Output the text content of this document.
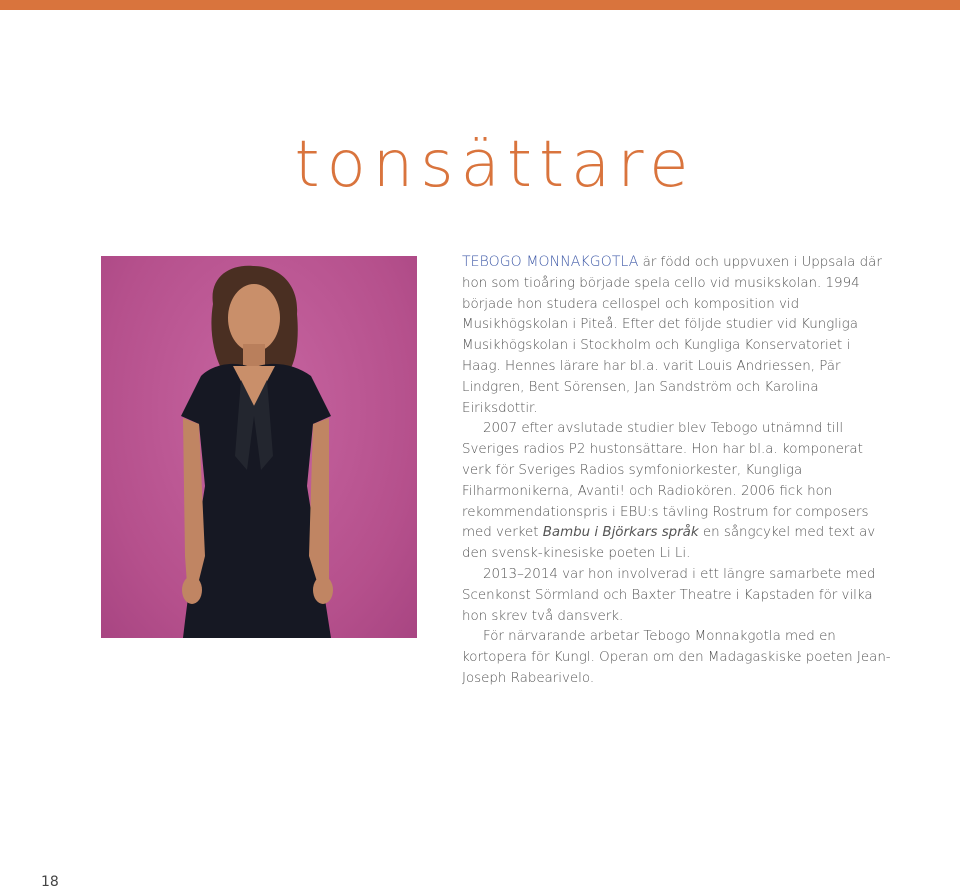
tonsättare

TEBOGO MONNAKGOTLA är född och uppvuxen i Uppsala där hon som tioåring började spela cello vid musikskolan. 1994 började hon studera cellospel och komposition vid Musikhögskolan i Piteå. Efter det följde studier vid Kungliga Musikhögskolan i Stockholm och Kungliga Konservatoriet i Haag. Hennes lärare har bl.a. varit Louis Andriessen, Pär Lindgren, Bent Sörensen, Jan Sandström och Karolina Eiriksdottir.

2007 efter avslutade studier blev Tebogo utnämnd till Sveriges radios P2 hustonsättare. Hon har bl.a. komponerat verk för Sveriges Radios symfoniorkester, Kungliga Filharmonikerna, Avanti! och Radiokören. 2006 fick hon rekommendationspris i EBU:s tävling Rostrum for composers med verket Bambu i Björkars språk en sångcykel med text av den svensk-kinesiske poeten Li Li.

2013–2014 var hon involverad i ett längre samarbete med Scenkonst Sörmland och Baxter Theatre i Kapstaden för vilka hon skrev två dansverk.

För närvarande arbetar Tebogo Monnakgotla med en kortopera för Kungl. Operan om den Madagaskiske poeten Jean-Joseph Rabearivelo.

18
